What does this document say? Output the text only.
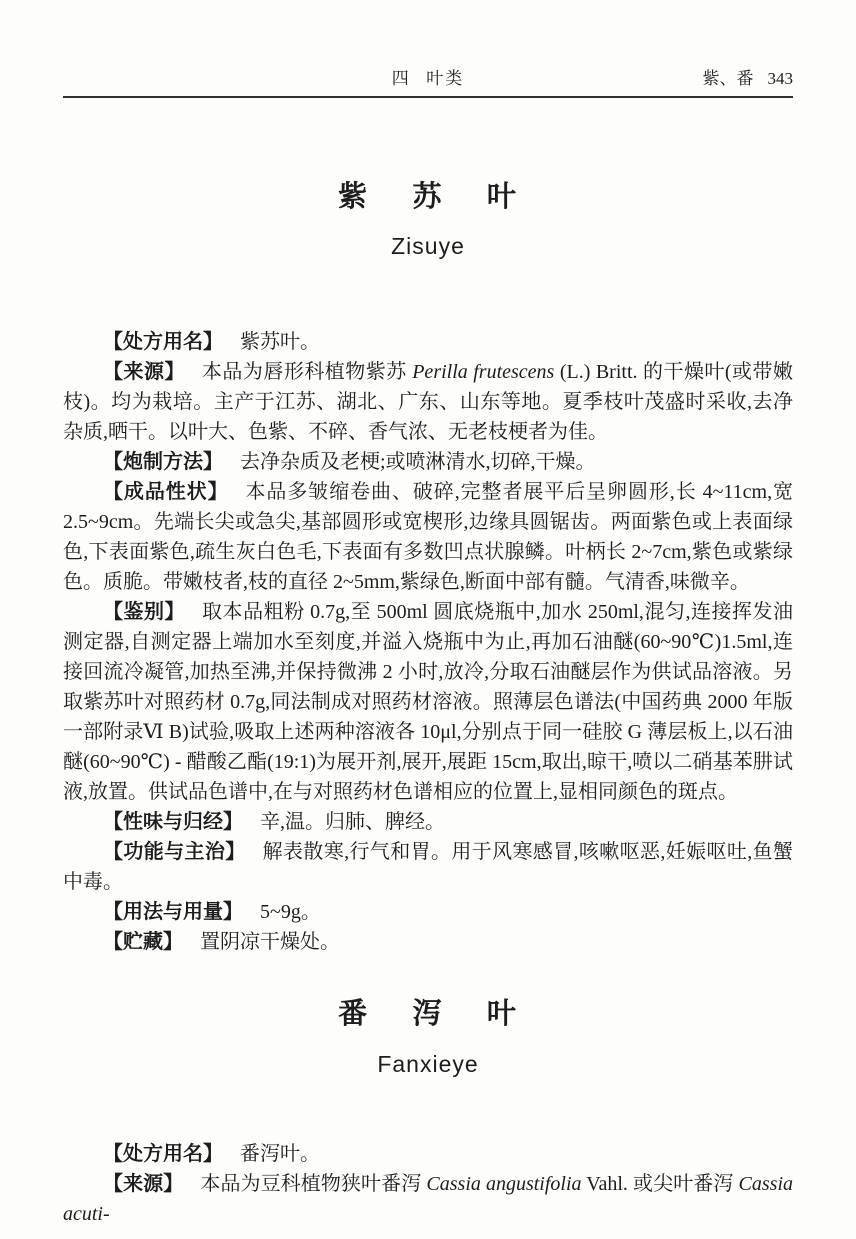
四 叶类	紫、番 343
紫 苏 叶
Zisuye

【处方用名】 紫苏叶。

【来源】 本品为唇形科植物紫苏 Perilla frutescens (L.) Britt. 的干燥叶(或带嫩枝)。均为栽培。主产于江苏、湖北、广东、山东等地。夏季枝叶茂盛时采收,去净杂质,晒干。以叶大、色紫、不碎、香气浓、无老枝梗者为佳。

【炮制方法】 去净杂质及老梗;或喷淋清水,切碎,干燥。

【成品性状】 本品多皱缩卷曲、破碎,完整者展平后呈卵圆形,长 4~11cm,宽 2.5~9cm。先端长尖或急尖,基部圆形或宽楔形,边缘具圆锯齿。两面紫色或上表面绿色,下表面紫色,疏生灰白色毛,下表面有多数凹点状腺鳞。叶柄长 2~7cm,紫色或紫绿色。质脆。带嫩枝者,枝的直径 2~5mm,紫绿色,断面中部有髓。气清香,味微辛。

【鉴别】 取本品粗粉 0.7g,至 500ml 圆底烧瓶中,加水 250ml,混匀,连接挥发油测定器,自测定器上端加水至刻度,并溢入烧瓶中为止,再加石油醚(60~90℃)1.5ml,连接回流冷凝管,加热至沸,并保持微沸 2 小时,放冷,分取石油醚层作为供试品溶液。另取紫苏叶对照药材 0.7g,同法制成对照药材溶液。照薄层色谱法(中国药典 2000 年版一部附录Ⅵ B)试验,吸取上述两种溶液各 10μl,分别点于同一硅胶 G 薄层板上,以石油醚(60~90℃) - 醋酸乙酯(19:1)为展开剂,展开,展距 15cm,取出,晾干,喷以二硝基苯肼试液,放置。供试品色谱中,在与对照药材色谱相应的位置上,显相同颜色的斑点。

【性味与归经】 辛,温。归肺、脾经。

【功能与主治】 解表散寒,行气和胃。用于风寒感冒,咳嗽呕恶,妊娠呕吐,鱼蟹中毒。

【用法与用量】 5~9g。

【贮藏】 置阴凉干燥处。

番 泻 叶
Fanxieye

【处方用名】 番泻叶。

【来源】 本品为豆科植物狭叶番泻 Cassia angustifolia Vahl. 或尖叶番泻 Cassia acuti-
